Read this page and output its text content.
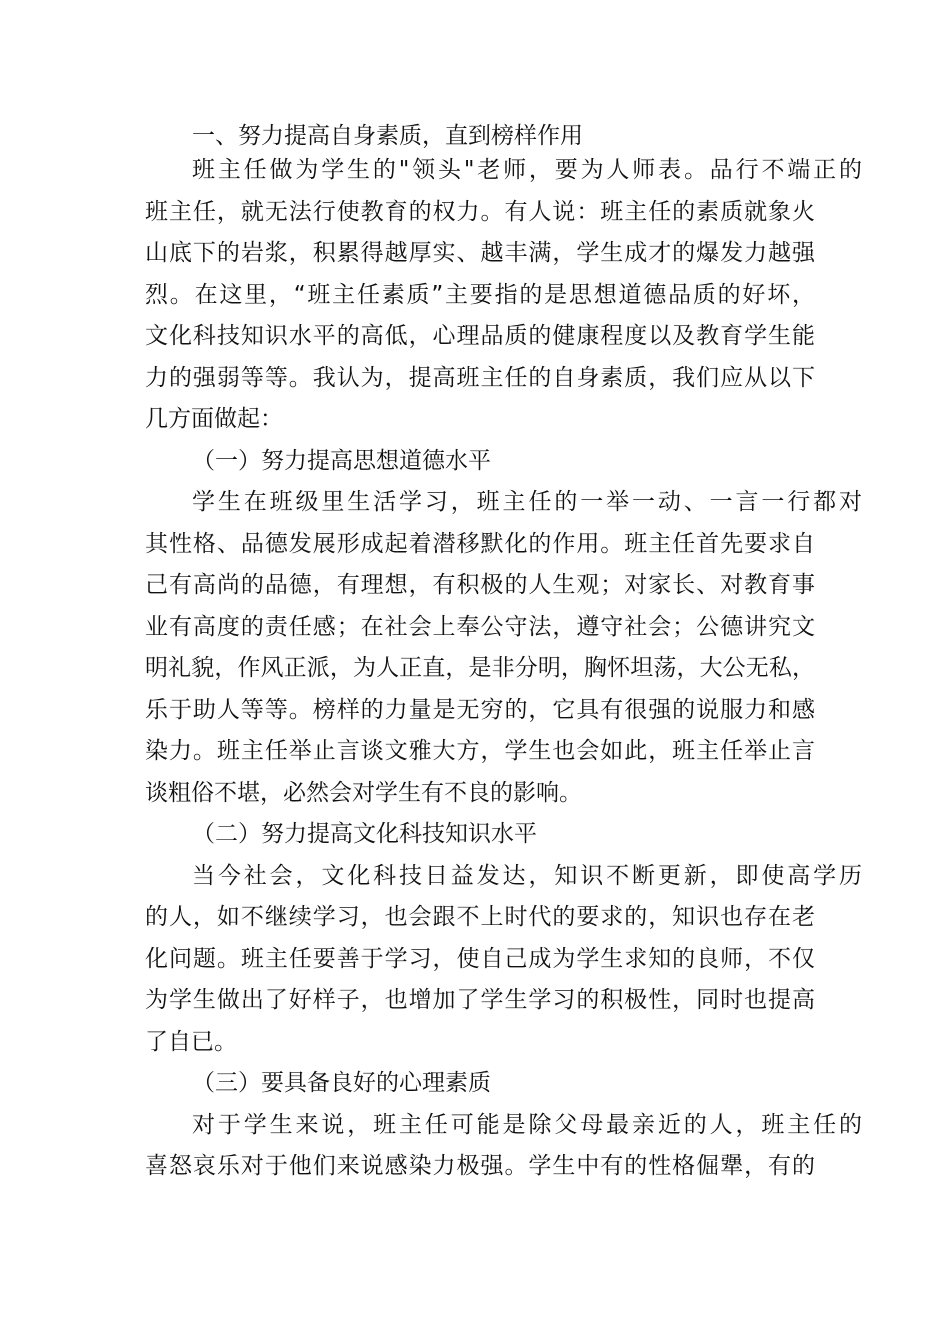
一、努力提高自身素质，直到榜样作用

班主任做为学生的"领头"老师，要为人师表。品行不端正的

班主任，就无法行使教育的权力。有人说：班主任的素质就象火

山底下的岩浆，积累得越厚实、越丰满，学生成才的爆发力越强

烈。在这里，“班主任素质”主要指的是思想道德品质的好坏，

文化科技知识水平的高低，心理品质的健康程度以及教育学生能

力的强弱等等。我认为，提高班主任的自身素质，我们应从以下

几方面做起：

（一）努力提高思想道德水平

学生在班级里生活学习，班主任的一举一动、一言一行都对

其性格、品德发展形成起着潜移默化的作用。班主任首先要求自

己有高尚的品德，有理想，有积极的人生观；对家长、对教育事

业有高度的责任感；在社会上奉公守法，遵守社会；公德讲究文

明礼貌，作风正派，为人正直，是非分明，胸怀坦荡，大公无私，

乐于助人等等。榜样的力量是无穷的，它具有很强的说服力和感

染力。班主任举止言谈文雅大方，学生也会如此，班主任举止言

谈粗俗不堪，必然会对学生有不良的影响。

（二）努力提高文化科技知识水平

当今社会，文化科技日益发达，知识不断更新，即使高学历

的人，如不继续学习，也会跟不上时代的要求的，知识也存在老

化问题。班主任要善于学习，使自己成为学生求知的良师，不仅

为学生做出了好样子，也增加了学生学习的积极性，同时也提高

了自已。

（三）要具备良好的心理素质

对于学生来说，班主任可能是除父母最亲近的人，班主任的

喜怒哀乐对于他们来说感染力极强。学生中有的性格倔犟，有的
